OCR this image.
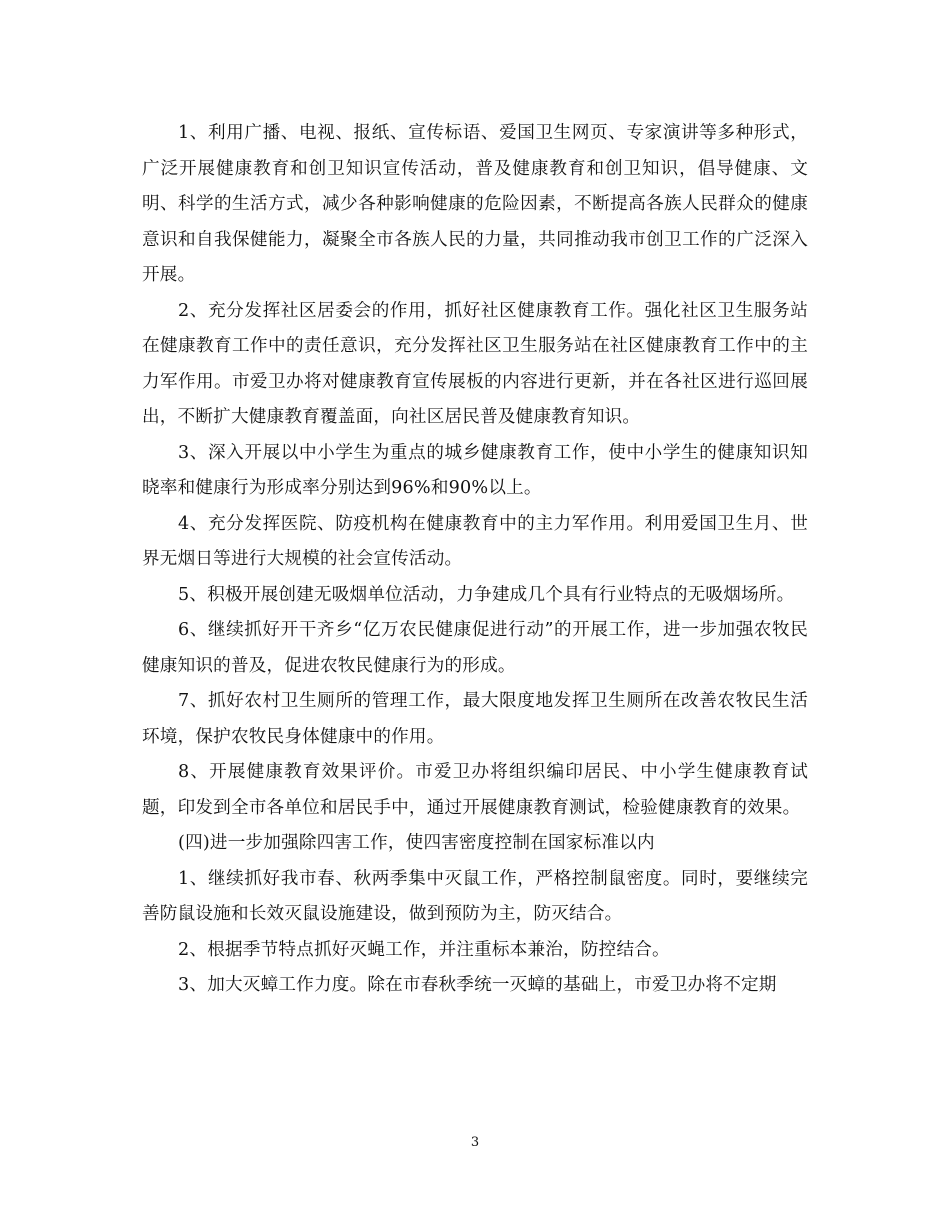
1、利用广播、电视、报纸、宣传标语、爱国卫生网页、专家演讲等多种形式，广泛开展健康教育和创卫知识宣传活动，普及健康教育和创卫知识，倡导健康、文明、科学的生活方式，减少各种影响健康的危险因素，不断提高各族人民群众的健康意识和自我保健能力，凝聚全市各族人民的力量，共同推动我市创卫工作的广泛深入开展。

2、充分发挥社区居委会的作用，抓好社区健康教育工作。强化社区卫生服务站在健康教育工作中的责任意识，充分发挥社区卫生服务站在社区健康教育工作中的主力军作用。市爱卫办将对健康教育宣传展板的内容进行更新，并在各社区进行巡回展出，不断扩大健康教育覆盖面，向社区居民普及健康教育知识。

3、深入开展以中小学生为重点的城乡健康教育工作，使中小学生的健康知识知晓率和健康行为形成率分别达到96%和90%以上。

4、充分发挥医院、防疫机构在健康教育中的主力军作用。利用爱国卫生月、世界无烟日等进行大规模的社会宣传活动。

5、积极开展创建无吸烟单位活动，力争建成几个具有行业特点的无吸烟场所。

6、继续抓好开干齐乡“亿万农民健康促进行动”的开展工作，进一步加强农牧民健康知识的普及，促进农牧民健康行为的形成。

7、抓好农村卫生厕所的管理工作，最大限度地发挥卫生厕所在改善农牧民生活环境，保护农牧民身体健康中的作用。

8、开展健康教育效果评价。市爱卫办将组织编印居民、中小学生健康教育试题，印发到全市各单位和居民手中，通过开展健康教育测试，检验健康教育的效果。

(四)进一步加强除四害工作，使四害密度控制在国家标准以内

1、继续抓好我市春、秋两季集中灭鼠工作，严格控制鼠密度。同时，要继续完善防鼠设施和长效灭鼠设施建设，做到预防为主，防灭结合。

2、根据季节特点抓好灭蝇工作，并注重标本兼治，防控结合。

3、加大灭蟑工作力度。除在市春秋季统一灭蟑的基础上，市爱卫办将不定期

3
